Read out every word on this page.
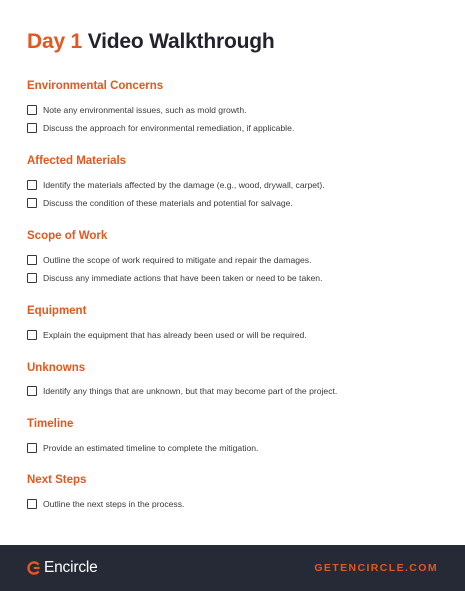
Day 1 Video Walkthrough
Environmental Concerns
Note any environmental issues, such as mold growth.
Discuss the approach for environmental remediation, if applicable.
Affected Materials
Identify the materials affected by the damage (e.g., wood, drywall, carpet).
Discuss the condition of these materials and potential for salvage.
Scope of Work
Outline the scope of work required to mitigate and repair the damages.
Discuss any immediate actions that have been taken or need to be taken.
Equipment
Explain the equipment that has already been used or will be required.
Unknowns
Identify any things that are unknown, but that may become part of the project.
Timeline
Provide an estimated timeline to complete the mitigation.
Next Steps
Outline the next steps in the process.
Encircle	GETENCIRCLE.COM
